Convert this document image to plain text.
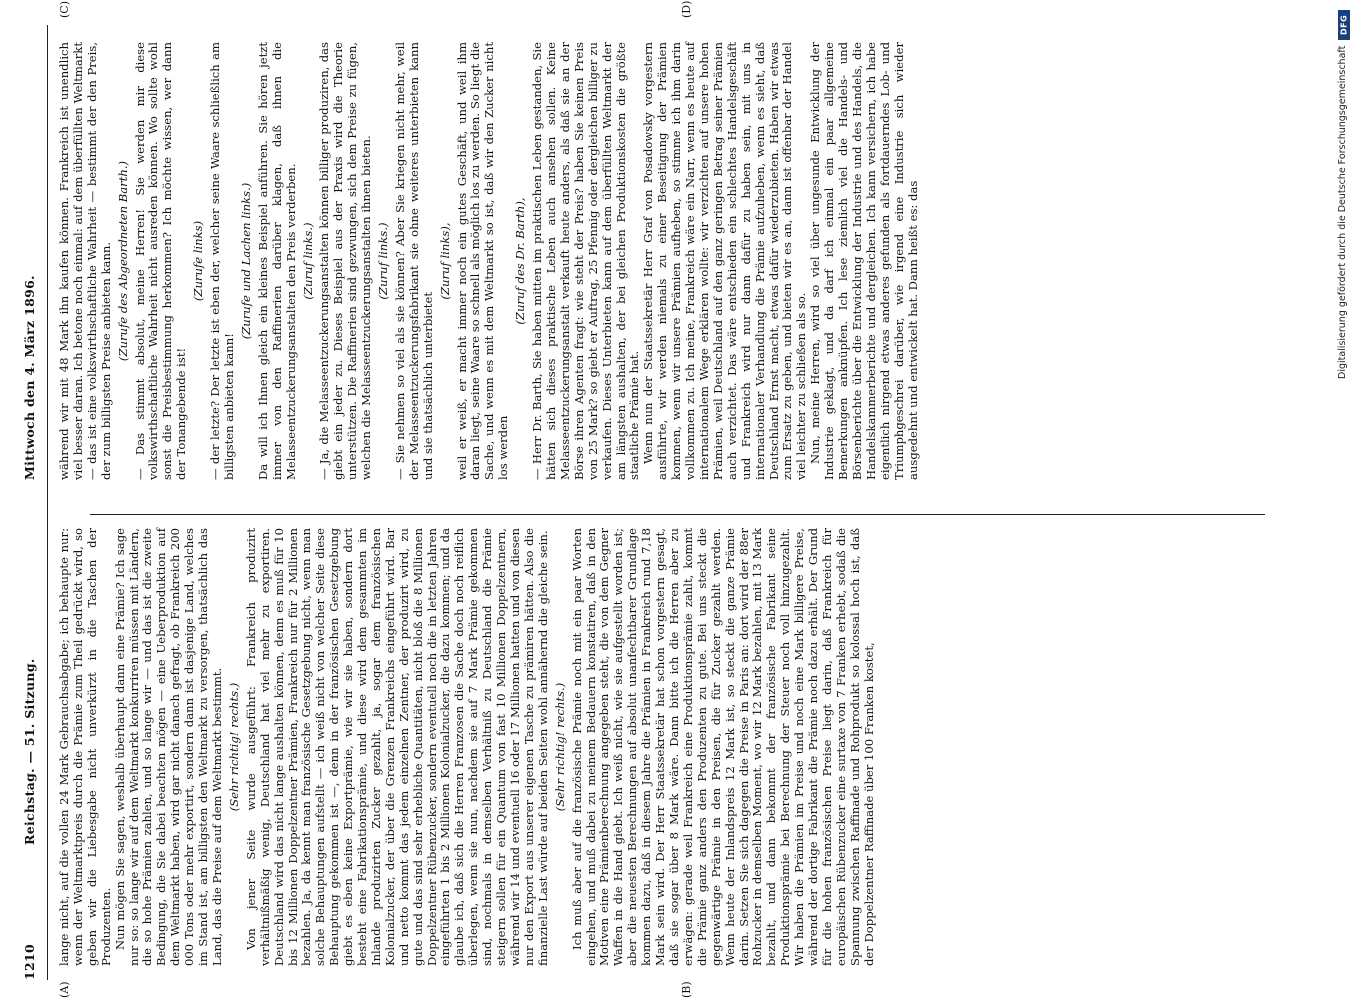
1210
Reichstag. — 51. Sitzung.
Mittwoch den 4. März 1896.
(A)	(B)
(C)	(D)

lange nicht, auf die vollen 24 Mark Gebrauchsabgabe; ich behaupte nur: wenn der Weltmarktpreis durch die Prämie zum Theil gedrückt wird, so geben wir die Liebesgabe nicht unverkürzt in die Taschen der Produzenten. Nun mögen Sie sagen, weshalb überhaupt dann eine Prämie? Ich sage nur so: so lange wir auf dem Weltmarkt konkurriren müssen mit Ländern, die so hohe Prämien zahlen, und so lange wir — und das ist die zweite Bedingung, die Sie dabei beachten mögen — eine Ueberproduktion auf dem Weltmarkt haben, wird gar nicht danach gefragt, ob Frankreich 200 000 Tons oder mehr exportirt, sondern dann ist dasjenige Land, welches im Stand ist, am billigsten den Weltmarkt zu versorgen, thatsächlich das Land, das die Preise auf dem Weltmarkt bestimmt. (Sehr richtig! rechts.) Von jener Seite wurde ausgeführt: Frankreich produzirt verhältnißmäßig wenig, Deutschland hat viel mehr zu exportiren. Deutschland wird das nicht lange aushalten können, denn es muß für 10 bis 12 Millionen Doppelzentner Prämien, Frankreich nur für 2 Millionen bezahlen. Ja, da kennt man französische Gesetzgebung nicht, wenn man solche Behauptungen aufstellt — ich weiß nicht von welcher Seite diese Behauptung gekommen ist —, denn in der französischen Gesetzgebung giebt es eben keine Exportprämie, wie wir sie haben, sondern dort besteht eine Fabrikationsprämie, und diese wird dem gesammten im Inlande produzirten Zucker gezahlt, ja, sogar dem französischen Kolonialzucker, der über die Grenzen Frankreichs eingeführt wird. Bar und netto kommt das jedem einzelnen Zentner, der produzirt wird, zu gute und das sind sehr erhebliche Quantitäten, nicht bloß die 8 Millionen Doppelzentner Rübenzucker, sondern eventuell noch die in letzten Jahren eingeführten 1 bis 2 Millionen Kolonialzucker, die dazu kommen; und da glaube ich, daß sich die Herren Franzosen die Sache doch noch reiflich überlegen, wenn sie nun, nachdem sie auf 7 Mark Prämie gekommen sind, nochmals in demselben Verhältniß zu Deutschland die Prämie steigern sollen für ein Quantum von fast 10 Millionen Doppelzentnern, während wir 14 und eventuell 16 oder 17 Millionen hatten und von diesen nur den Export aus unserer eigenen Tasche zu prämiren hätten. Also die finanzielle Last würde auf beiden Seiten wohl annähernd die gleiche sein. (Sehr richtig! rechts.) Ich muß aber auf die französische Prämie noch mit ein paar Worten eingehen, und muß dabei zu meinem Bedauern konstatiren, daß in den Motiven eine Prämienberechnung angegeben steht, die von dem Gegner Waffen in die Hand giebt. Ich weiß nicht, wie sie aufgestellt worden ist; aber die neuesten Berechnungen auf absolut unanfechtbarer Grundlage kommen dazu, daß in diesem Jahre die Prämien in Frankreich rund 7,18 Mark sein wird. Der Herr Staatssekretär hat schon vorgestern gesagt, daß sie sogar über 8 Mark wäre. Dann bitte ich die Herren aber zu erwägen: gerade weil Frankreich eine Produktionsprämie zahlt, kommt die Prämie ganz anders den Produzenten zu gute. Bei uns steckt die gegenwärtige Prämie in den Preisen, die für Zucker gezahlt werden. Wenn heute der Inlandspreis 12 Mark ist, so steckt die ganze Prämie darin. Setzen Sie sich dagegen die Preise in Paris an: dort wird der 88er Rohzucker in demselben Moment, wo wir 12 Mark bezahlen, mit 13 Mark bezahlt, und dann bekommt der französische Fabrikant seine Produktionsprämie bei Berechnung der Steuer noch voll hinzugezahlt. Wir haben die Prämien im Preise und noch eine Mark billigere Preise, während der dortige Fabrikant die Prämie noch dazu erhält. Der Grund für die hohen französischen Preise liegt darin, daß Frankreich für europäischen Rübenzucker eine surtaxe von 7 Franken erhebt, sodaß die Spannung zwischen Raffinade und Rohprodukt so kolossal hoch ist, daß der Doppelzentner Raffinade über 100 Franken kostet,

während wir mit 48 Mark ihn kaufen können. Frankreich ist unendlich viel besser daran. Ich betone noch einmal: auf dem überfüllten Weltmarkt — das ist eine volkswirthschaftliche Wahrheit — bestimmt der den Preis, der zum billigsten Preise anbieten kann. (Zurufe des Abgeordneten Barth.) — Das stimmt absolut, meine Herren! Sie werden mir diese volkswirthschaftliche Wahrheit nicht ausreden können. Wo sollte wohl sonst die Preisbestimmung herkommen? Ich möchte wissen, wer dann der Tonangebende ist!

(Zurufe links) — der letzte? Der letzte ist eben der, welcher seine Waare schließlich am billigsten anbieten kann!

(Zurufe und Lachen links.) Da will ich Ihnen gleich ein kleines Beispiel anführen. Sie hören jetzt immer von den Raffinerien darüber klagen, daß ihnen die Melasseentzuckerungsanstalten den Preis verderben. (Zuruf links.) — Ja, die Melasseentzuckerungsanstalten können billiger produziren, das giebt ein jeder zu. Dieses Beispiel aus der Praxis wird die Theorie unterstützen. Die Raffinerien sind gezwungen, sich dem Preise zu fügen, welchen die Melasseentzuckerungsanstalten ihnen bieten. (Zuruf links.) — Sie nehmen so viel als sie können? Aber Sie kriegen nicht mehr, weil der Melasseentzuckerungsfabrikant sie ohne weiteres unterbieten kann und sie thatsächlich unterbietet

(Zuruf links), weil er weiß, er macht immer noch ein gutes Geschäft, und weil ihm daran liegt, seine Waare so schnell als möglich los zu werden. So liegt die Sache, und wenn es mit dem Weltmarkt so ist, daß wir den Zucker nicht los werden

(Zuruf des Dr. Barth), — Herr Dr. Barth, Sie haben mitten im praktischen Leben gestanden, Sie hätten sich dieses praktische Leben auch ansehen sollen. Keine Melasseentzuckerungsanstalt verkauft heute anders, als daß sie an der Börse ihren Agenten fragt: wie steht der Preis? haben Sie keinen Preis von 25 Mark? so giebt er Auftrag, 25 Pfennig oder dergleichen billiger zu verkaufen. Dieses Unterbieten kann auf dem überfüllten Weltmarkt der am längsten aushalten, der bei gleichen Produktionskosten die größte staatliche Prämie hat. Wenn nun der Staatssekretär Herr Graf von Posadowsky vorgestern ausführte, wir werden niemals zu einer Beseitigung der Prämien kommen, wenn wir unsere Prämien aufheben, so stimme ich ihm darin vollkommen zu. Ich meine, Frankreich wäre ein Narr, wenn es heute auf internationalem Wege erklären wollte: wir verzichten auf unsere hohen Prämien, weil Deutschland auf den ganz geringen Betrag seiner Prämien auch verzichtet. Das wäre entschieden ein schlechtes Handelsgeschäft und Frankreich wird nur dann dafür zu haben sein, mit uns in internationaler Verhandlung die Prämie aufzuheben, wenn es sieht, daß Deutschland Ernst macht, etwas dafür wiederzubieten. Haben wir etwas zum Ersatz zu geben, und bieten wir es an, dann ist offenbar der Handel viel leichter zu schließen als so. Nun, meine Herren, wird so viel über ungesunde Entwicklung der Industrie geklagt, und da darf ich einmal ein paar allgemeine Bemerkungen anknüpfen. Ich lese ziemlich viel die Handels- und Börsenberichte über die Entwicklung der Industrie und des Handels, die Handelskammerberichte und dergleichen. Ich kann versichern, ich habe eigentlich nirgend etwas anderes gefunden als fortdauerndes Lob- und Triumphgeschrei darüber, wie irgend eine Industrie sich wieder ausgedehnt und entwickelt hat. Dann heißt es: das

DFG
Digitalisierung gefördert durch die Deutsche Forschungsgemeinschaft
